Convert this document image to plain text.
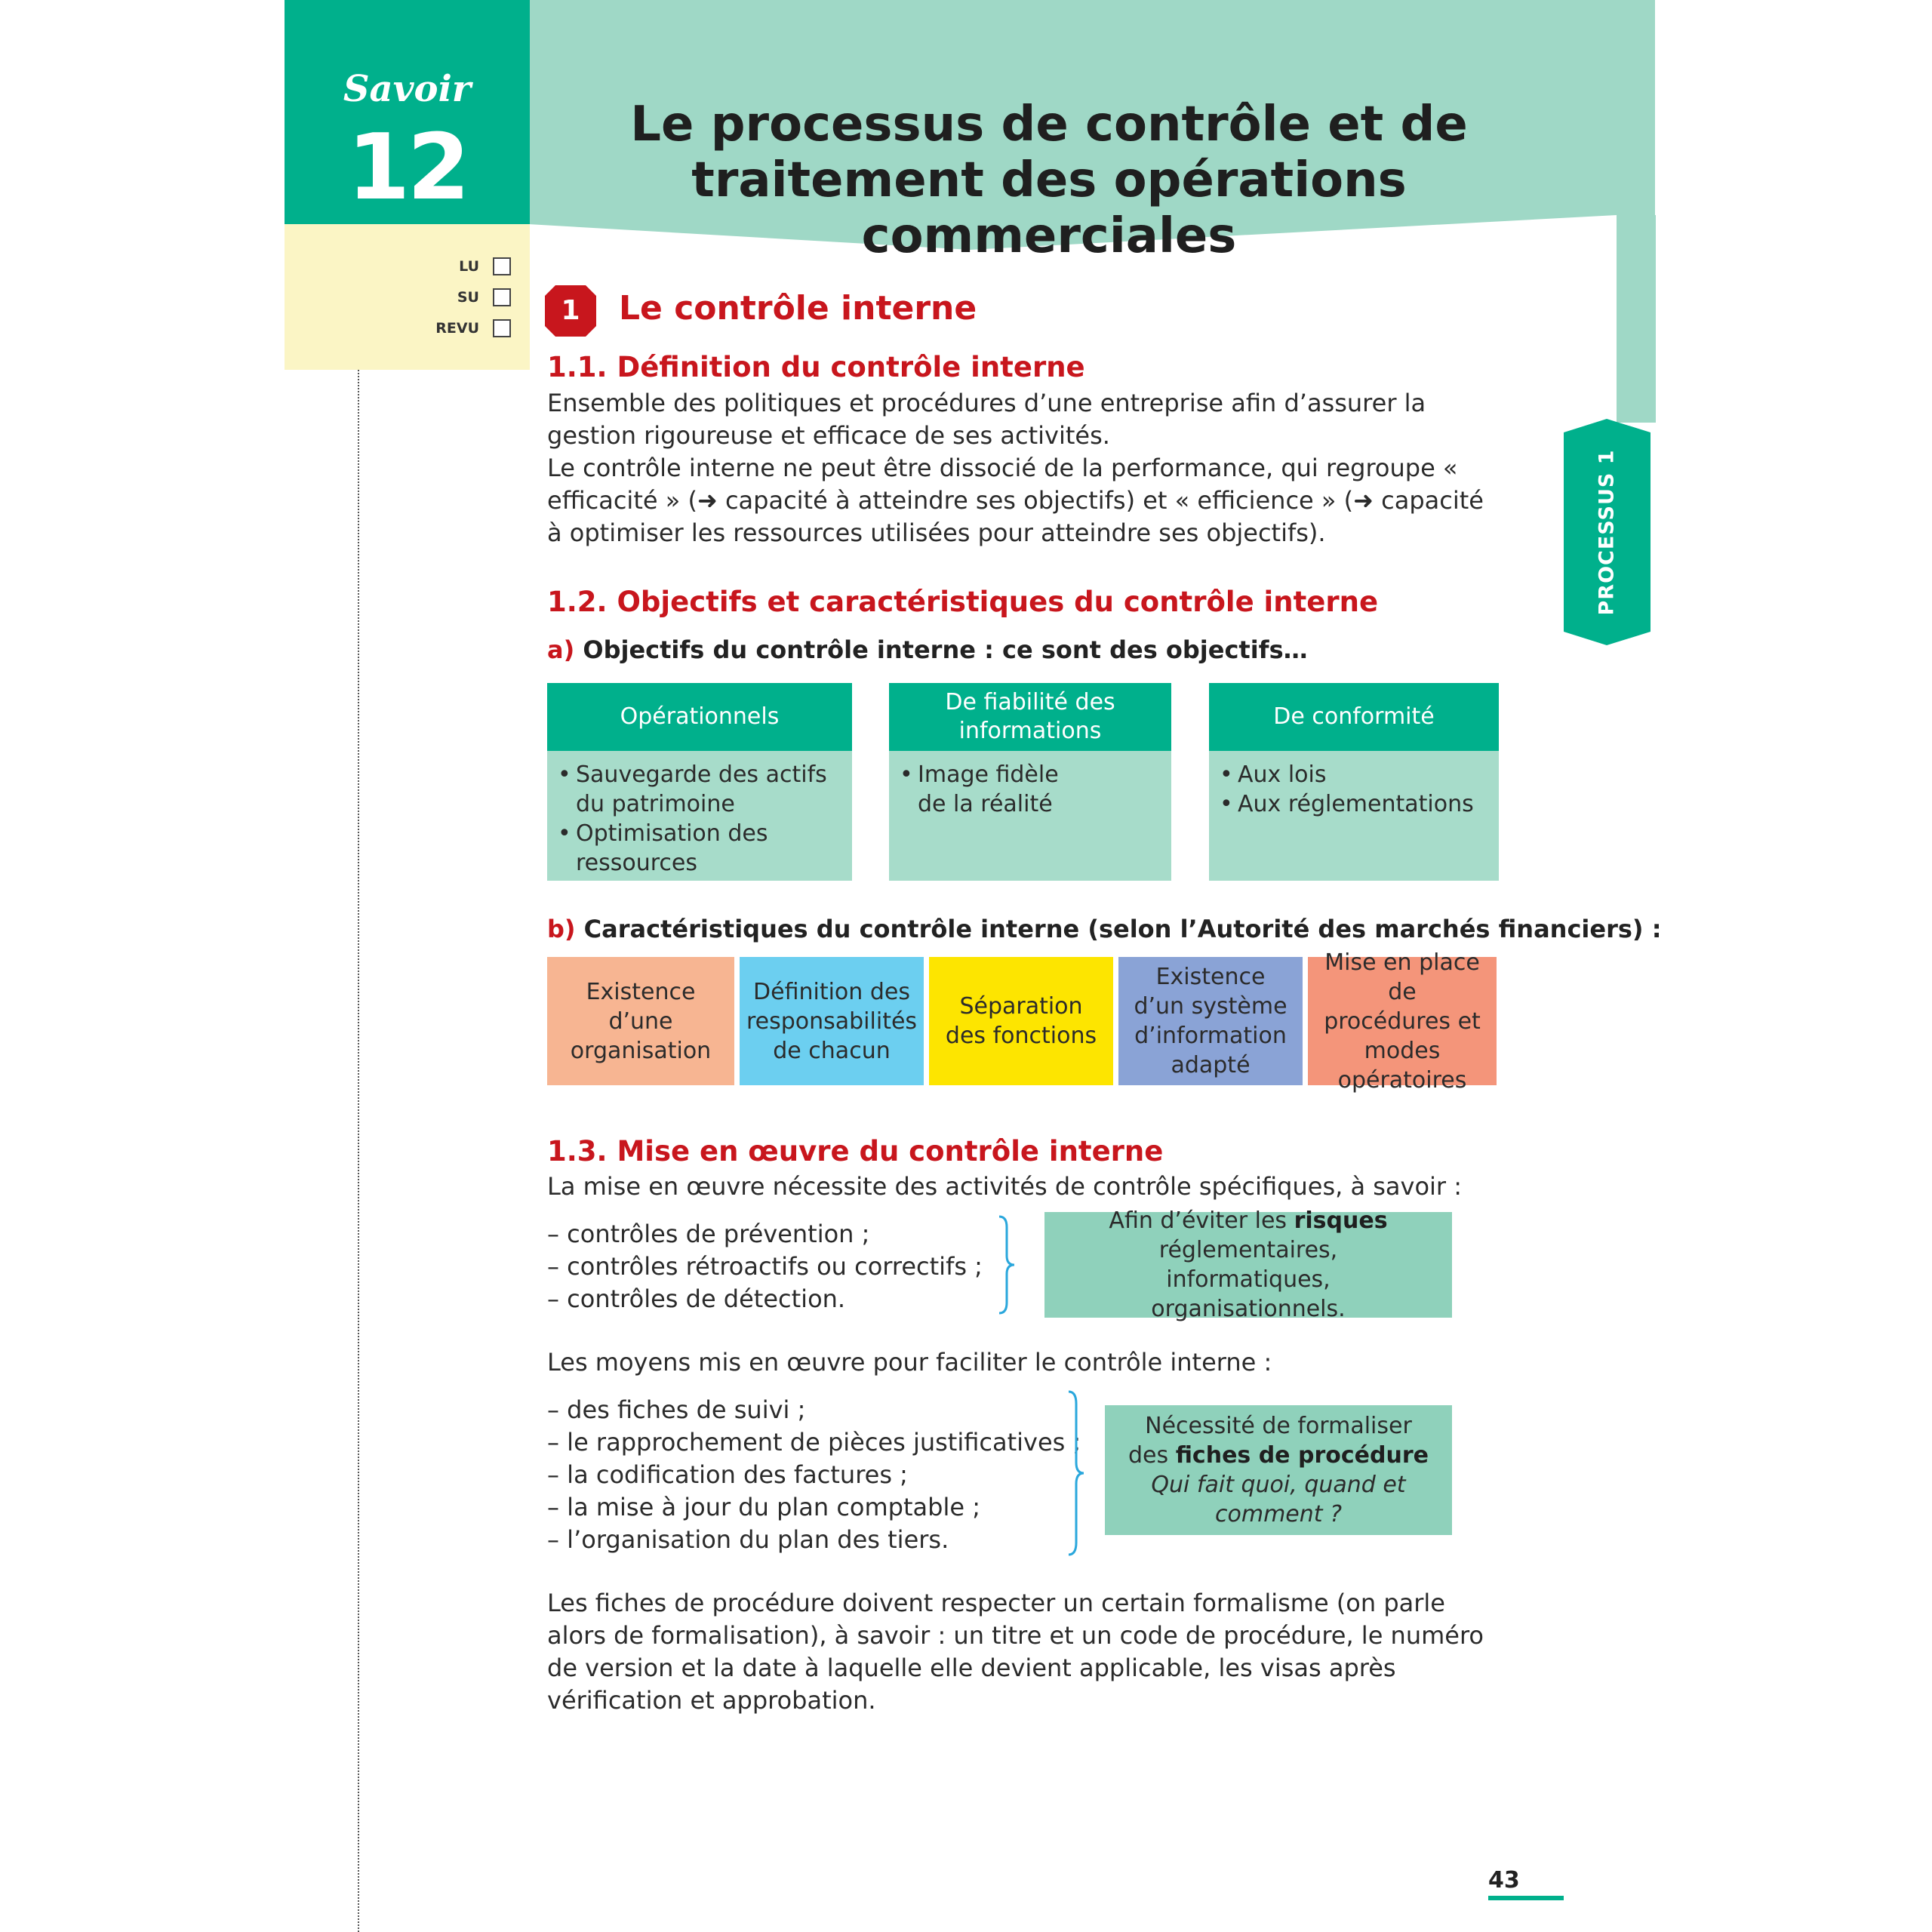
Savoir
12
LU
SU
REVU
Le processus de contrôle et de
traitement des opérations commerciales
PROCESSUS 1
1	Le contrôle interne
1.1. Définition du contrôle interne

Ensemble des politiques et procédures d’une entreprise afin d’assurer la gestion rigoureuse et efficace de ses activités.

Le contrôle interne ne peut être dissocié de la performance, qui regroupe « efficacité » (➜ capacité à atteindre ses objectifs) et « efficience » (➜ capacité à optimiser les ressources utilisées pour atteindre ses objectifs).

1.2. Objectifs et caractéristiques du contrôle interne
a) Objectifs du contrôle interne : ce sont des objectifs…
Opérationnels
• Sauvegarde des actifs du patrimoine
• Optimisation des ressources
De fiabilité des informations
• Image fidèle de la réalité
De conformité
• Aux lois
• Aux réglementations
b) Caractéristiques du contrôle interne (selon l’Autorité des marchés financiers) :
Existence d’une organisation
Définition des responsabilités de chacun
Séparation des fonctions
Existence d’un système d’information adapté
Mise en place de procédures et modes opératoires
1.3. Mise en œuvre du contrôle interne
La mise en œuvre nécessite des activités de contrôle spécifiques, à savoir :
– contrôles de prévention ;
– contrôles rétroactifs ou correctifs ;
– contrôles de détection.
Afin d’éviter les risques
réglementaires, informatiques, organisationnels.
Les moyens mis en œuvre pour faciliter le contrôle interne :
– des fiches de suivi ;
– le rapprochement de pièces justificatives ;
– la codification des factures ;
– la mise à jour du plan comptable ;
– l’organisation du plan des tiers.
Nécessité de formaliser
des fiches de procédure
Qui fait quoi, quand et comment ?
Les fiches de procédure doivent respecter un certain formalisme (on parle alors de formalisation), à savoir : un titre et un code de procédure, le numéro de version et la date à laquelle elle devient applicable, les visas après vérification et approbation.
43
